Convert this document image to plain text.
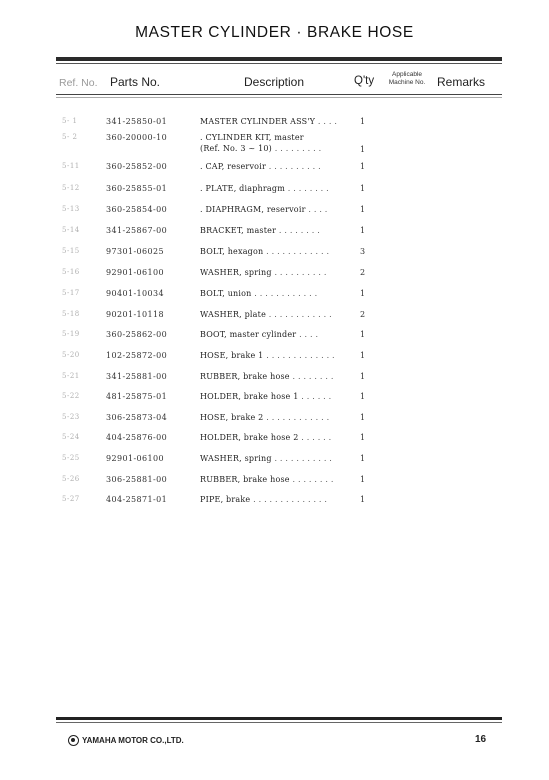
MASTER CYLINDER · BRAKE HOSE
Ref. No. Parts No.	Description	Q'ty
Applicable Machine No. Remarks
5- 1	341-25850-01	MASTER CYLINDER ASS'Y . . . .	1
5- 2	360-20000-10	. CYLINDER KIT, master
(Ref. No. 3 ~ 10) . . . . . . . . .	1
5-11	360-25852-00	. CAP, reservoir . . . . . . . . . .	1
5-12	360-25855-01	. PLATE, diaphragm . . . . . . . .	1
5-13	360-25854-00	. DIAPHRAGM, reservoir . . . .	1
5-14	341-25867-00	BRACKET, master . . . . . . . .	1
5-15	97301-06025	BOLT, hexagon . . . . . . . . . . . .	3
5-16	92901-06100	WASHER, spring . . . . . . . . . .	2
5-17	90401-10034	BOLT, union . . . . . . . . . . . .	1
5-18	90201-10118	WASHER, plate . . . . . . . . . . . .	2
5-19	360-25862-00	BOOT, master cylinder . . . .	1
5-20	102-25872-00	HOSE, brake 1 . . . . . . . . . . . . .	1
5-21	341-25881-00	RUBBER, brake hose . . . . . . . .	1
5-22	481-25875-01	HOLDER, brake hose 1 . . . . . .	1
5-23	306-25873-04	HOSE, brake 2 . . . . . . . . . . . .	1
5-24	404-25876-00	HOLDER, brake hose 2 . . . . . .	1
5-25	92901-06100	WASHER, spring . . . . . . . . . . .	1
5-26	306-25881-00	RUBBER, brake hose . . . . . . . .	1
5-27	404-25871-01	PIPE, brake . . . . . . . . . . . . . .	1
YAMAHA MOTOR CO.,LTD.	16
